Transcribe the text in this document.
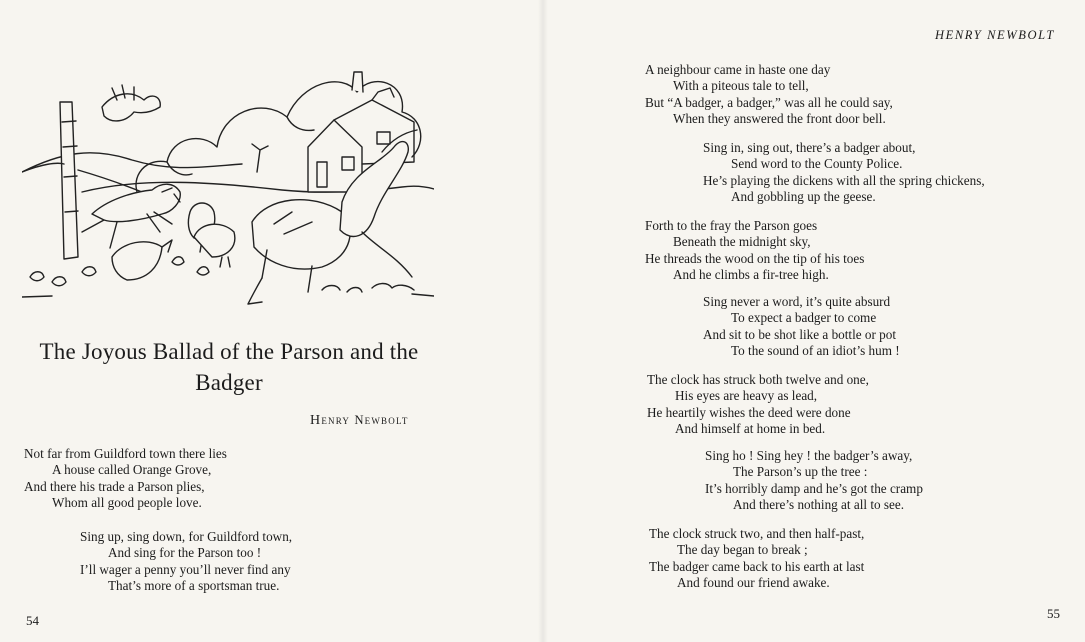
The Joyous Ballad of the Parson and the Badger
Henry Newbolt
Not far from Guildford town there lies
A house called Orange Grove,
And there his trade a Parson plies,
Whom all good people love.
Sing up, sing down, for Guildford town,
And sing for the Parson too !
I’ll wager a penny you’ll never find any
That’s more of a sportsman true.
54
HENRY NEWBOLT
A neighbour came in haste one day
With a piteous tale to tell,
But “A badger, a badger,” was all he could say,
When they answered the front door bell.
Sing in, sing out, there’s a badger about,
Send word to the County Police.
He’s playing the dickens with all the spring chickens,
And gobbling up the geese.
Forth to the fray the Parson goes
Beneath the midnight sky,
He threads the wood on the tip of his toes
And he climbs a fir-tree high.
Sing never a word, it’s quite absurd
To expect a badger to come
And sit to be shot like a bottle or pot
To the sound of an idiot’s hum !
The clock has struck both twelve and one,
His eyes are heavy as lead,
He heartily wishes the deed were done
And himself at home in bed.
Sing ho ! Sing hey ! the badger’s away,
The Parson’s up the tree :
It’s horribly damp and he’s got the cramp
And there’s nothing at all to see.
The clock struck two, and then half-past,
The day began to break ;
The badger came back to his earth at last
And found our friend awake.
55
